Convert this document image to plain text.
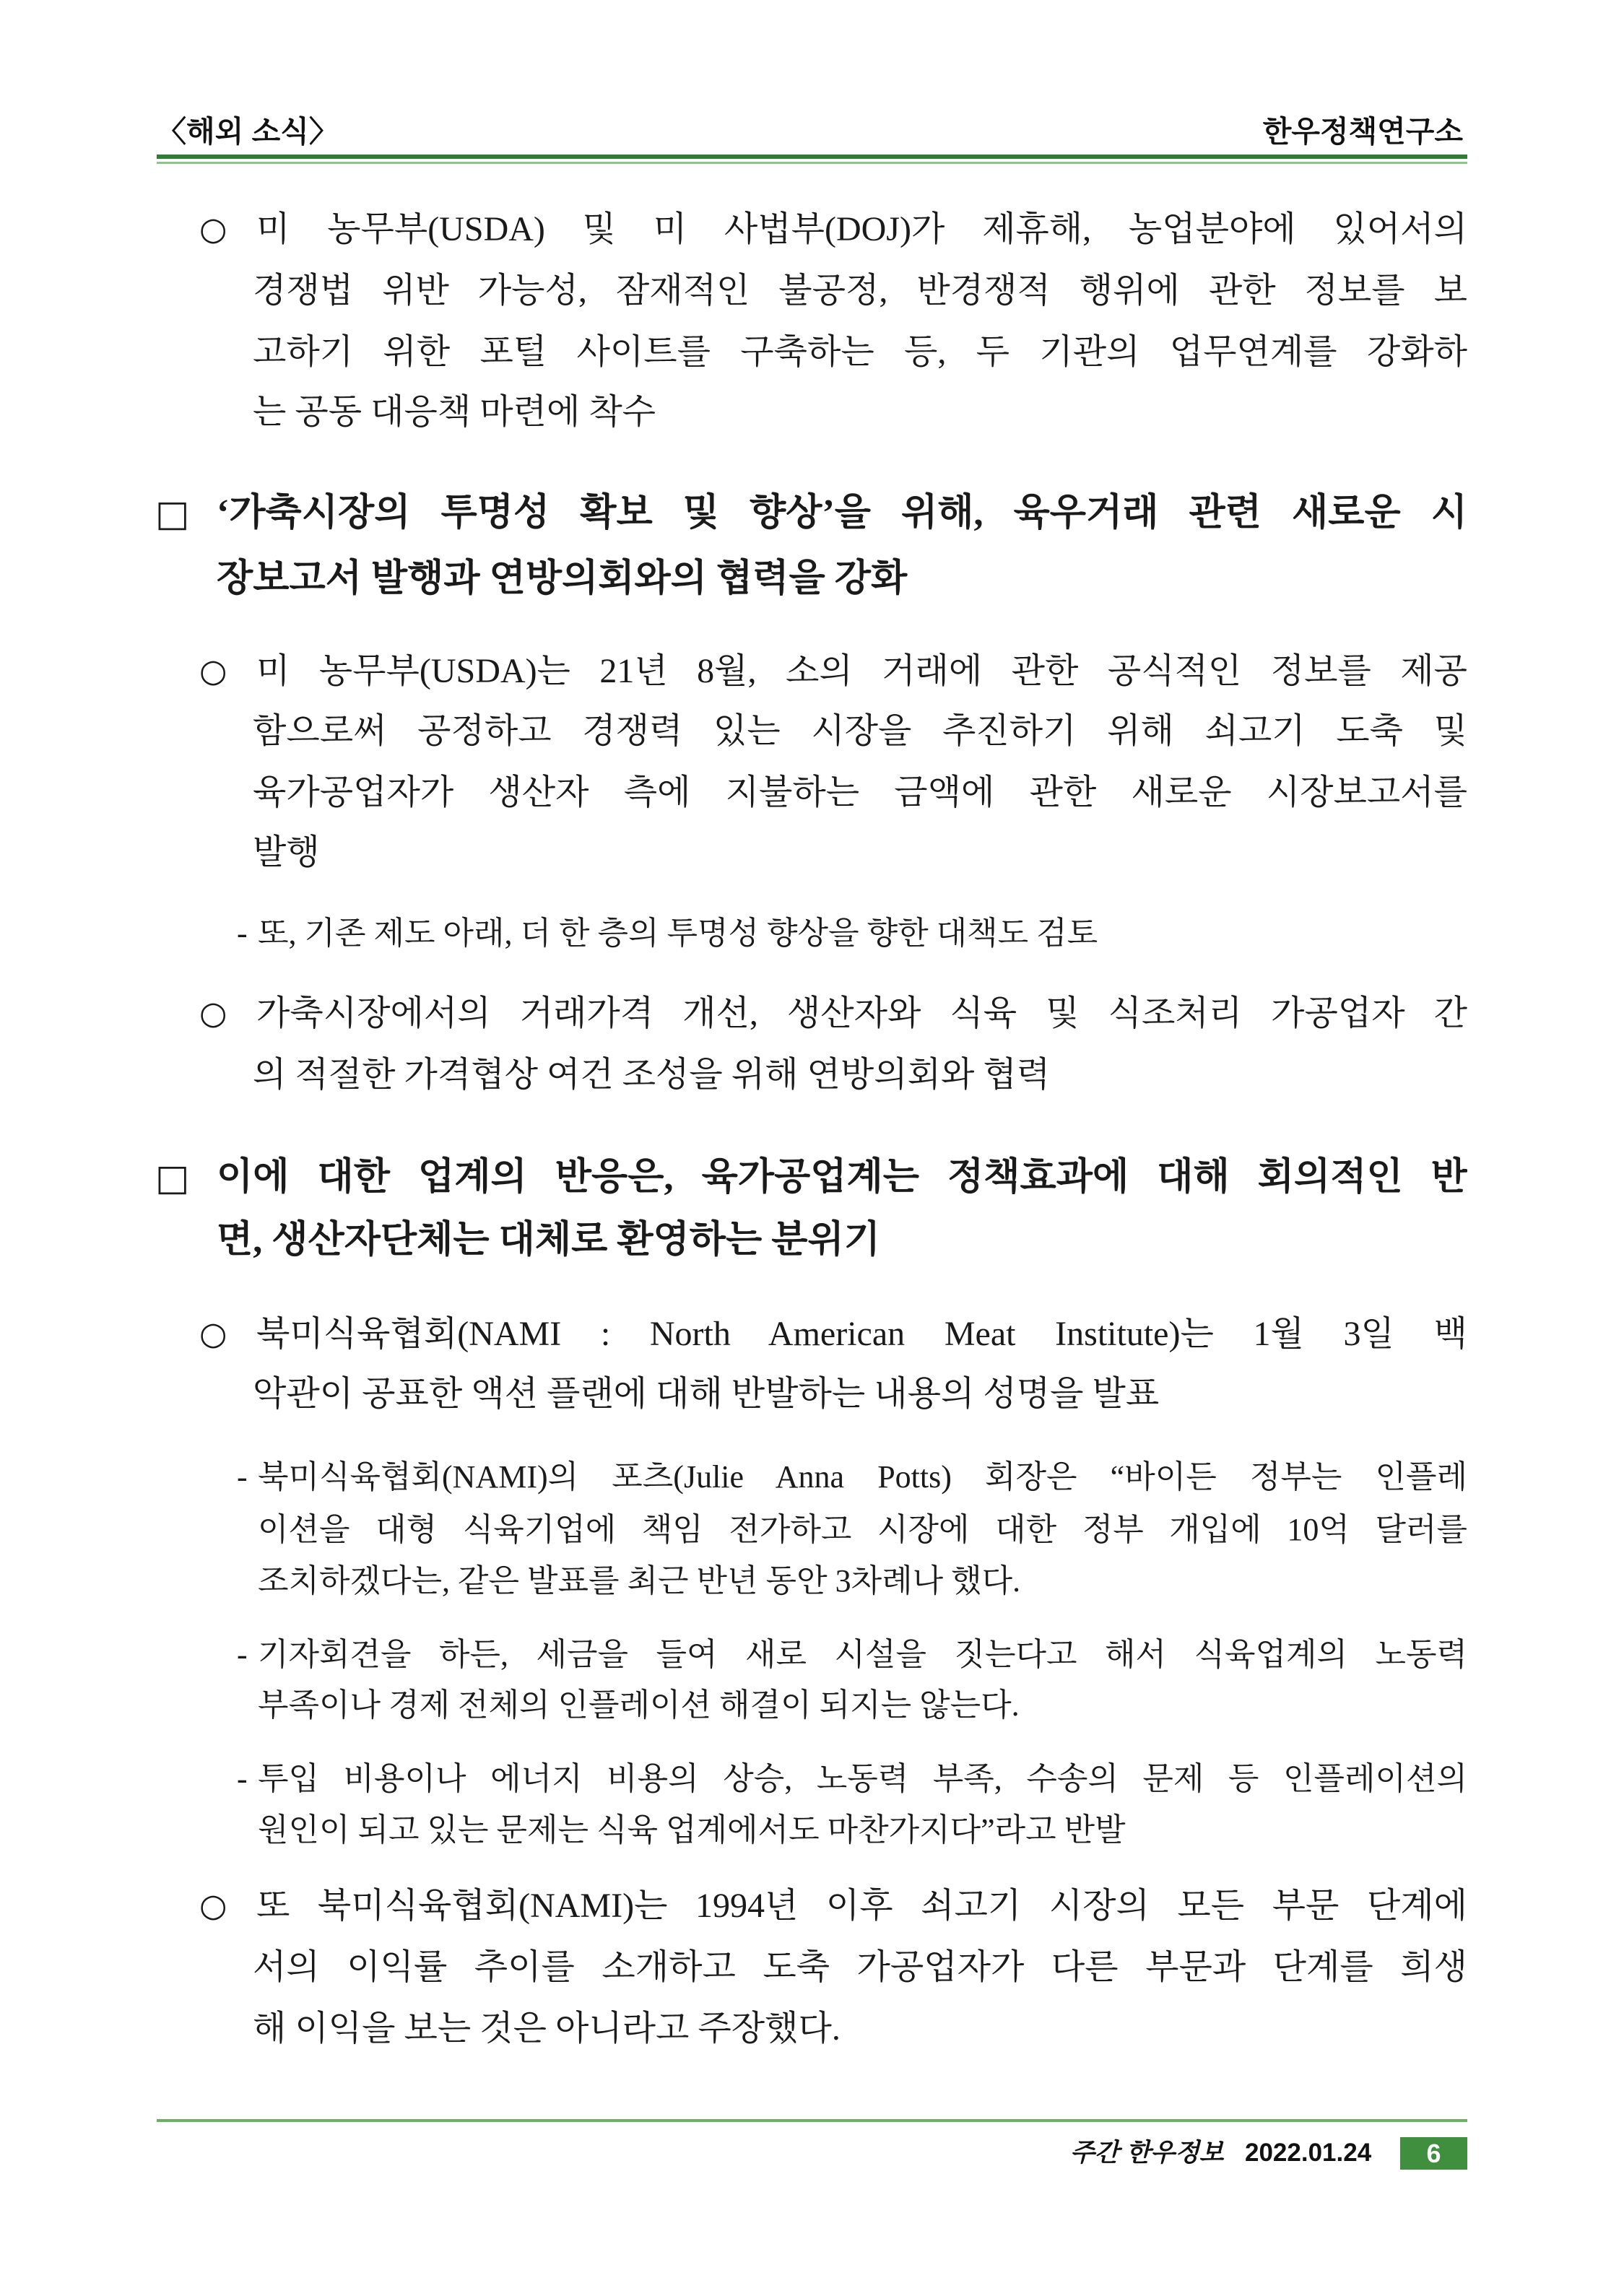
〈해외 소식〉	한우정책연구소
○ 미 농무부(USDA) 및 미 사법부(DOJ)가 제휴해, 농업분야에 있어서의
경쟁법 위반 가능성, 잠재적인 불공정, 반경쟁적 행위에 관한 정보를 보
고하기 위한 포털 사이트를 구축하는 등, 두 기관의 업무연계를 강화하
는 공동 대응책 마련에 착수
□ ‘가축시장의 투명성 확보 및 향상’을 위해, 육우거래 관련 새로운 시
장보고서 발행과 연방의회와의 협력을 강화
○ 미 농무부(USDA)는 21년 8월, 소의 거래에 관한 공식적인 정보를 제공
함으로써 공정하고 경쟁력 있는 시장을 추진하기 위해 쇠고기 도축 및
육가공업자가 생산자 측에 지불하는 금액에 관한 새로운 시장보고서를
발행
- 또, 기존 제도 아래, 더 한 층의 투명성 향상을 향한 대책도 검토
○ 가축시장에서의 거래가격 개선, 생산자와 식육 및 식조처리 가공업자 간
의 적절한 가격협상 여건 조성을 위해 연방의회와 협력
□ 이에 대한 업계의 반응은, 육가공업계는 정책효과에 대해 회의적인 반
면, 생산자단체는 대체로 환영하는 분위기
○ 북미식육협회(NAMI : North American Meat Institute)는 1월 3일 백
악관이 공표한 액션 플랜에 대해 반발하는 내용의 성명을 발표
- 북미식육협회(NAMI)의 포츠(Julie Anna Potts) 회장은 “바이든 정부는 인플레
이션을 대형 식육기업에 책임 전가하고 시장에 대한 정부 개입에 10억 달러를
조치하겠다는, 같은 발표를 최근 반년 동안 3차례나 했다.
- 기자회견을 하든, 세금을 들여 새로 시설을 짓는다고 해서 식육업계의 노동력
부족이나 경제 전체의 인플레이션 해결이 되지는 않는다.
- 투입 비용이나 에너지 비용의 상승, 노동력 부족, 수송의 문제 등 인플레이션의
원인이 되고 있는 문제는 식육 업계에서도 마찬가지다”라고 반발
○ 또 북미식육협회(NAMI)는 1994년 이후 쇠고기 시장의 모든 부문 단계에
서의 이익률 추이를 소개하고 도축 가공업자가 다른 부문과 단계를 희생
해 이익을 보는 것은 아니라고 주장했다.
주간 한우정보 2022.01.24	6
